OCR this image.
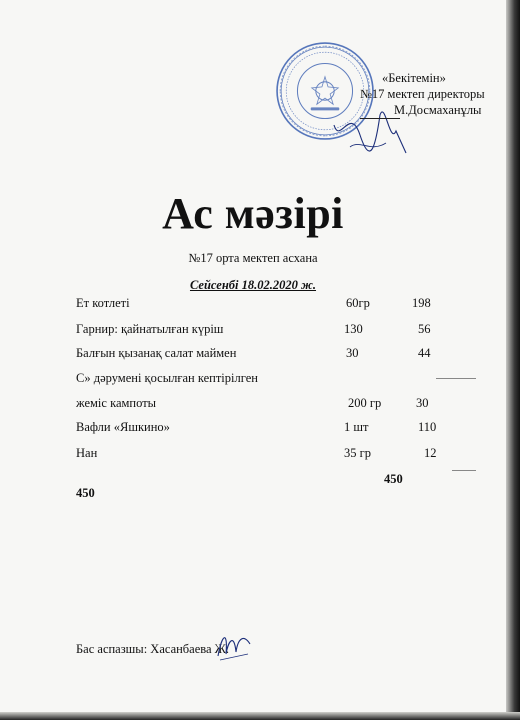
«Бекітемін»
№17 мектеп директоры
М.Досмаханұлы
Ас мәзірі
№17 орта мектеп асхана
Сейсенбі 18.02.2020 ж.
Ет котлеті	60гр	198
Гарнир: қайнатылған күріш	130	56
Балғын қызанақ салат маймен	30	44
С» дәрумені қосылған кептірілген
жеміс кампоты	200 гр	30
Вафли «Яшкино»	1 шт	110
Нан	35 гр	12
450
450
Бас аспазшы: Хасанбаева Ж.
